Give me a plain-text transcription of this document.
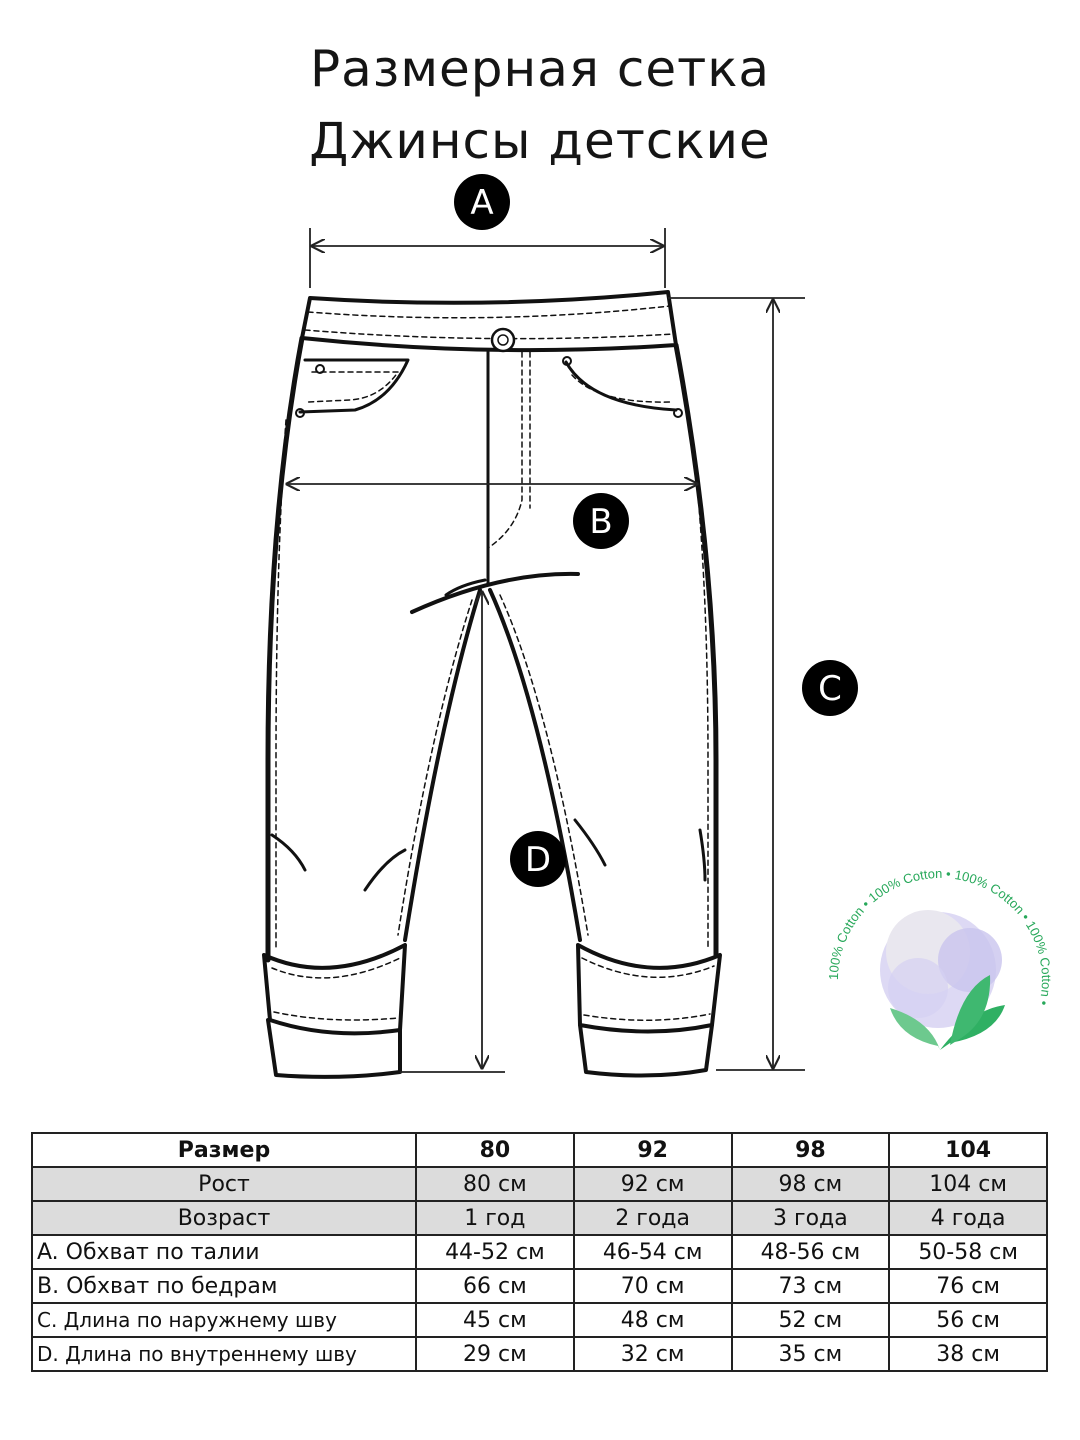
Размерная сетка
Джинсы детские
A
B
C
D
100% Cotton • 100% Cotton • 100% Cotton • 100% Cotton •
Размер	80	92	98	104
Рост	80 см	92 см	98 см	104 см
Возраст	1 год	2 года	3 года	4 года
A. Обхват по талии	44-52 см	46-54 см	48-56 см	50-58 см
B. Обхват по бедрам	66 см	70 см	73 см	76 см
C. Длина по наружнему шву	45 см	48 см	52 см	56 см
D. Длина по внутреннему шву	29 см	32 см	35 см	38 см
